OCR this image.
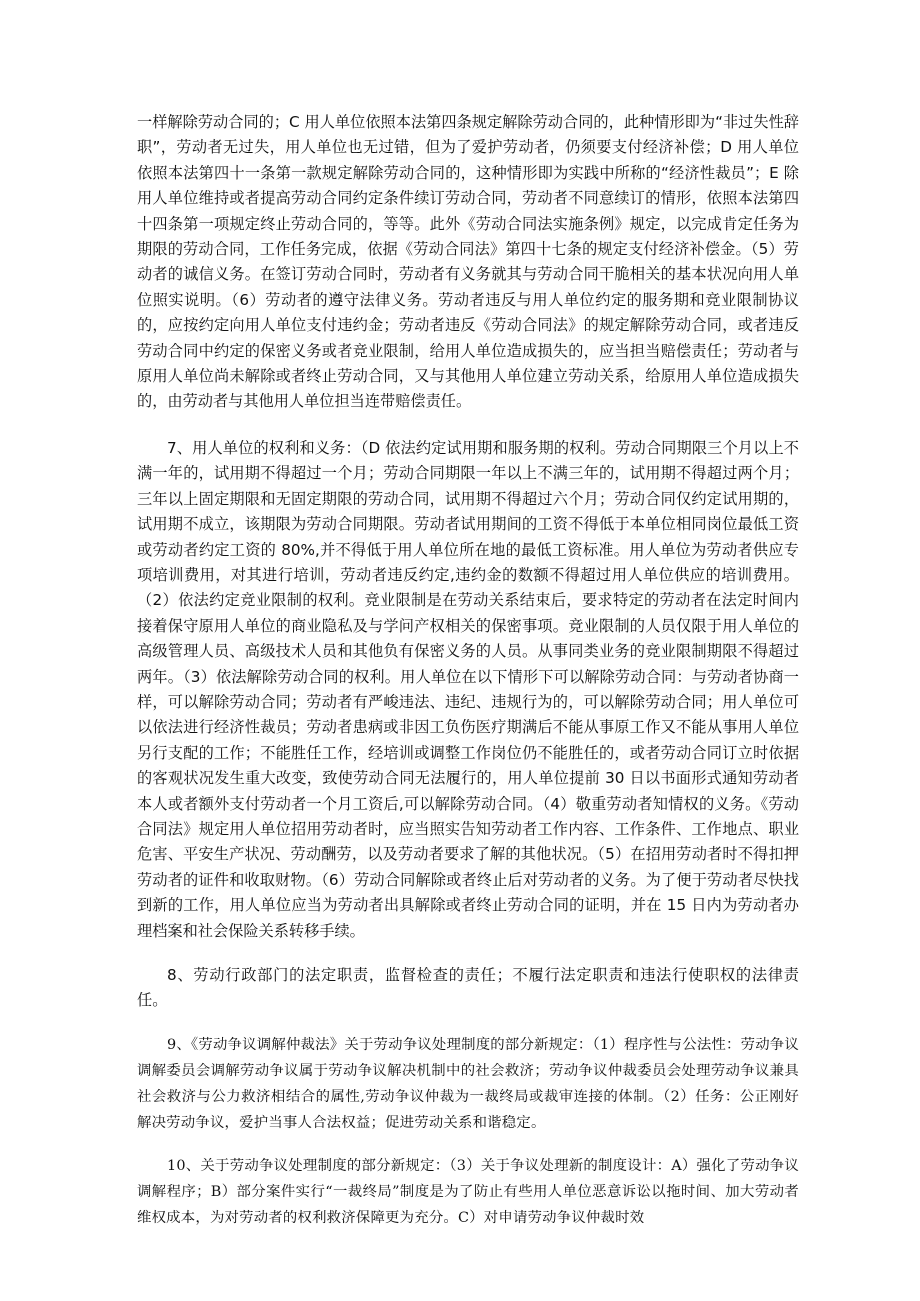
一样解除劳动合同的；C 用人单位依照本法第四条规定解除劳动合同的，此种情形即为“非过失性辞职”，劳动者无过失，用人单位也无过错，但为了爱护劳动者，仍须要支付经济补偿；D 用人单位依照本法第四十一条第一款规定解除劳动合同的，这种情形即为实践中所称的“经济性裁员”；E 除用人单位维持或者提高劳动合同约定条件续订劳动合同，劳动者不同意续订的情形，依照本法第四十四条第一项规定终止劳动合同的，等等。此外《劳动合同法实施条例》规定，以完成肯定任务为期限的劳动合同，工作任务完成，依据《劳动合同法》第四十七条的规定支付经济补偿金。（5）劳动者的诚信义务。在签订劳动合同时，劳动者有义务就其与劳动合同干脆相关的基本状况向用人单位照实说明。（6）劳动者的遵守法律义务。劳动者违反与用人单位约定的服务期和竞业限制协议的，应按约定向用人单位支付违约金；劳动者违反《劳动合同法》的规定解除劳动合同，或者违反劳动合同中约定的保密义务或者竞业限制，给用人单位造成损失的，应当担当赔偿责任；劳动者与原用人单位尚未解除或者终止劳动合同，又与其他用人单位建立劳动关系，给原用人单位造成损失的，由劳动者与其他用人单位担当连带赔偿责任。

7、用人单位的权利和义务：（D 依法约定试用期和服务期的权利。劳动合同期限三个月以上不满一年的，试用期不得超过一个月；劳动合同期限一年以上不满三年的，试用期不得超过两个月；三年以上固定期限和无固定期限的劳动合同，试用期不得超过六个月；劳动合同仅约定试用期的，试用期不成立，该期限为劳动合同期限。劳动者试用期间的工资不得低于本单位相同岗位最低工资或劳动者约定工资的 80%,并不得低于用人单位所在地的最低工资标准。用人单位为劳动者供应专项培训费用，对其进行培训，劳动者违反约定,违约金的数额不得超过用人单位供应的培训费用。（2）依法约定竞业限制的权利。竞业限制是在劳动关系结束后，要求特定的劳动者在法定时间内接着保守原用人单位的商业隐私及与学问产权相关的保密事项。竞业限制的人员仅限于用人单位的高级管理人员、高级技术人员和其他负有保密义务的人员。从事同类业务的竞业限制期限不得超过两年。（3）依法解除劳动合同的权利。用人单位在以下情形下可以解除劳动合同：与劳动者协商一样，可以解除劳动合同；劳动者有严峻违法、违纪、违规行为的，可以解除劳动合同；用人单位可以依法进行经济性裁员；劳动者患病或非因工负伤医疗期满后不能从事原工作又不能从事用人单位另行支配的工作；不能胜任工作，经培训或调整工作岗位仍不能胜任的，或者劳动合同订立时依据的客观状况发生重大改变，致使劳动合同无法履行的，用人单位提前 30 日以书面形式通知劳动者本人或者额外支付劳动者一个月工资后,可以解除劳动合同。（4）敬重劳动者知情权的义务。《劳动合同法》规定用人单位招用劳动者时，应当照实告知劳动者工作内容、工作条件、工作地点、职业危害、平安生产状况、劳动酬劳，以及劳动者要求了解的其他状况。（5）在招用劳动者时不得扣押劳动者的证件和收取财物。（6）劳动合同解除或者终止后对劳动者的义务。为了便于劳动者尽快找到新的工作，用人单位应当为劳动者出具解除或者终止劳动合同的证明，并在 15 日内为劳动者办理档案和社会保险关系转移手续。

8、劳动行政部门的法定职责，监督检查的责任；不履行法定职责和违法行使职权的法律责任。

9、《劳动争议调解仲裁法》关于劳动争议处理制度的部分新规定：（1）程序性与公法性：劳动争议调解委员会调解劳动争议属于劳动争议解决机制中的社会救济；劳动争议仲裁委员会处理劳动争议兼具社会救济与公力救济相结合的属性,劳动争议仲裁为一裁终局或裁审连接的体制。（2）任务：公正刚好解决劳动争议，爱护当事人合法权益；促进劳动关系和谐稳定。

10、关于劳动争议处理制度的部分新规定：（3）关于争议处理新的制度设计：A）强化了劳动争议调解程序；B）部分案件实行“一裁终局”制度是为了防止有些用人单位恶意诉讼以拖时间、加大劳动者维权成本，为对劳动者的权利救济保障更为充分。C）对申请劳动争议仲裁时效
